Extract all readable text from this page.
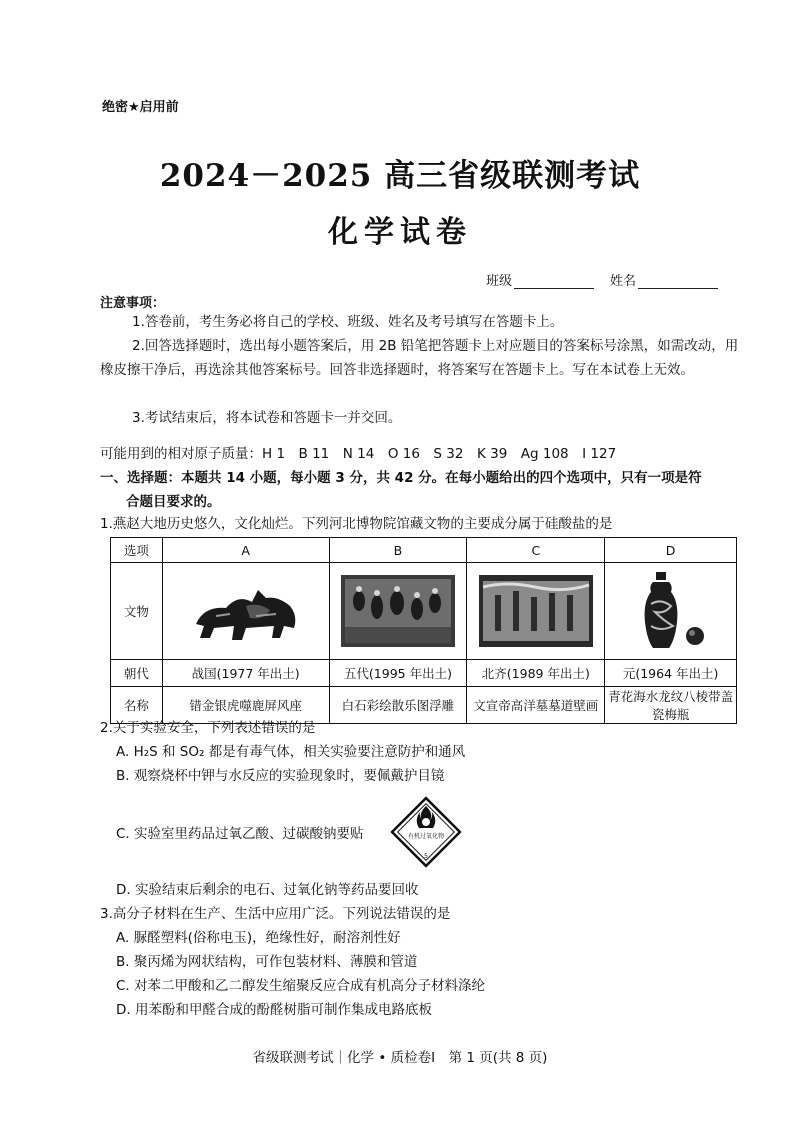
绝密★启用前
2024－2025 高三省级联测考试
化学试卷
班级	姓名
注意事项：
1.答卷前，考生务必将自己的学校、班级、姓名及考号填写在答题卡上。
2.回答选择题时，选出每小题答案后，用 2B 铅笔把答题卡上对应题目的答案标号涂黑，如需改动，用橡皮擦干净后，再选涂其他答案标号。回答非选择题时，将答案写在答题卡上。写在本试卷上无效。
3.考试结束后，将本试卷和答题卡一并交回。
可能用到的相对原子质量：H 1　B 11　N 14　O 16　S 32　K 39　Ag 108　I 127
一、选择题：本题共 14 小题，每小题 3 分，共 42 分。在每小题给出的四个选项中，只有一项是符
合题目要求的。
1.燕赵大地历史悠久，文化灿烂。下列河北博物院馆藏文物的主要成分属于硅酸盐的是
选项	A	B	C	D
文物	

朝代	战国(1977 年出土)	五代(1995 年出土)	北齐(1989 年出土)	元(1964 年出土)
名称	错金银虎噬鹿屏风座	白石彩绘散乐图浮雕	文宣帝高洋墓墓道壁画	青花海水龙纹八棱带盖瓷梅瓶
2.关于实验安全，下列表述错误的是
A. H₂S 和 SO₂ 都是有毒气体，相关实验要注意防护和通风
B. 观察烧杯中钾与水反应的实验现象时，要佩戴护目镜
C. 实验室里药品过氧乙酸、过碳酸钠要贴	有机过氧化物
5
D. 实验结束后剩余的电石、过氧化钠等药品要回收
3.高分子材料在生产、生活中应用广泛。下列说法错误的是
A. 脲醛塑料(俗称电玉)，绝缘性好，耐溶剂性好
B. 聚丙烯为网状结构，可作包装材料、薄膜和管道
C. 对苯二甲酸和乙二醇发生缩聚反应合成有机高分子材料涤纶
D. 用苯酚和甲醛合成的酚醛树脂可制作集成电路底板
省级联测考试｜化学 • 质检卷Ⅰ　第 1 页(共 8 页)
